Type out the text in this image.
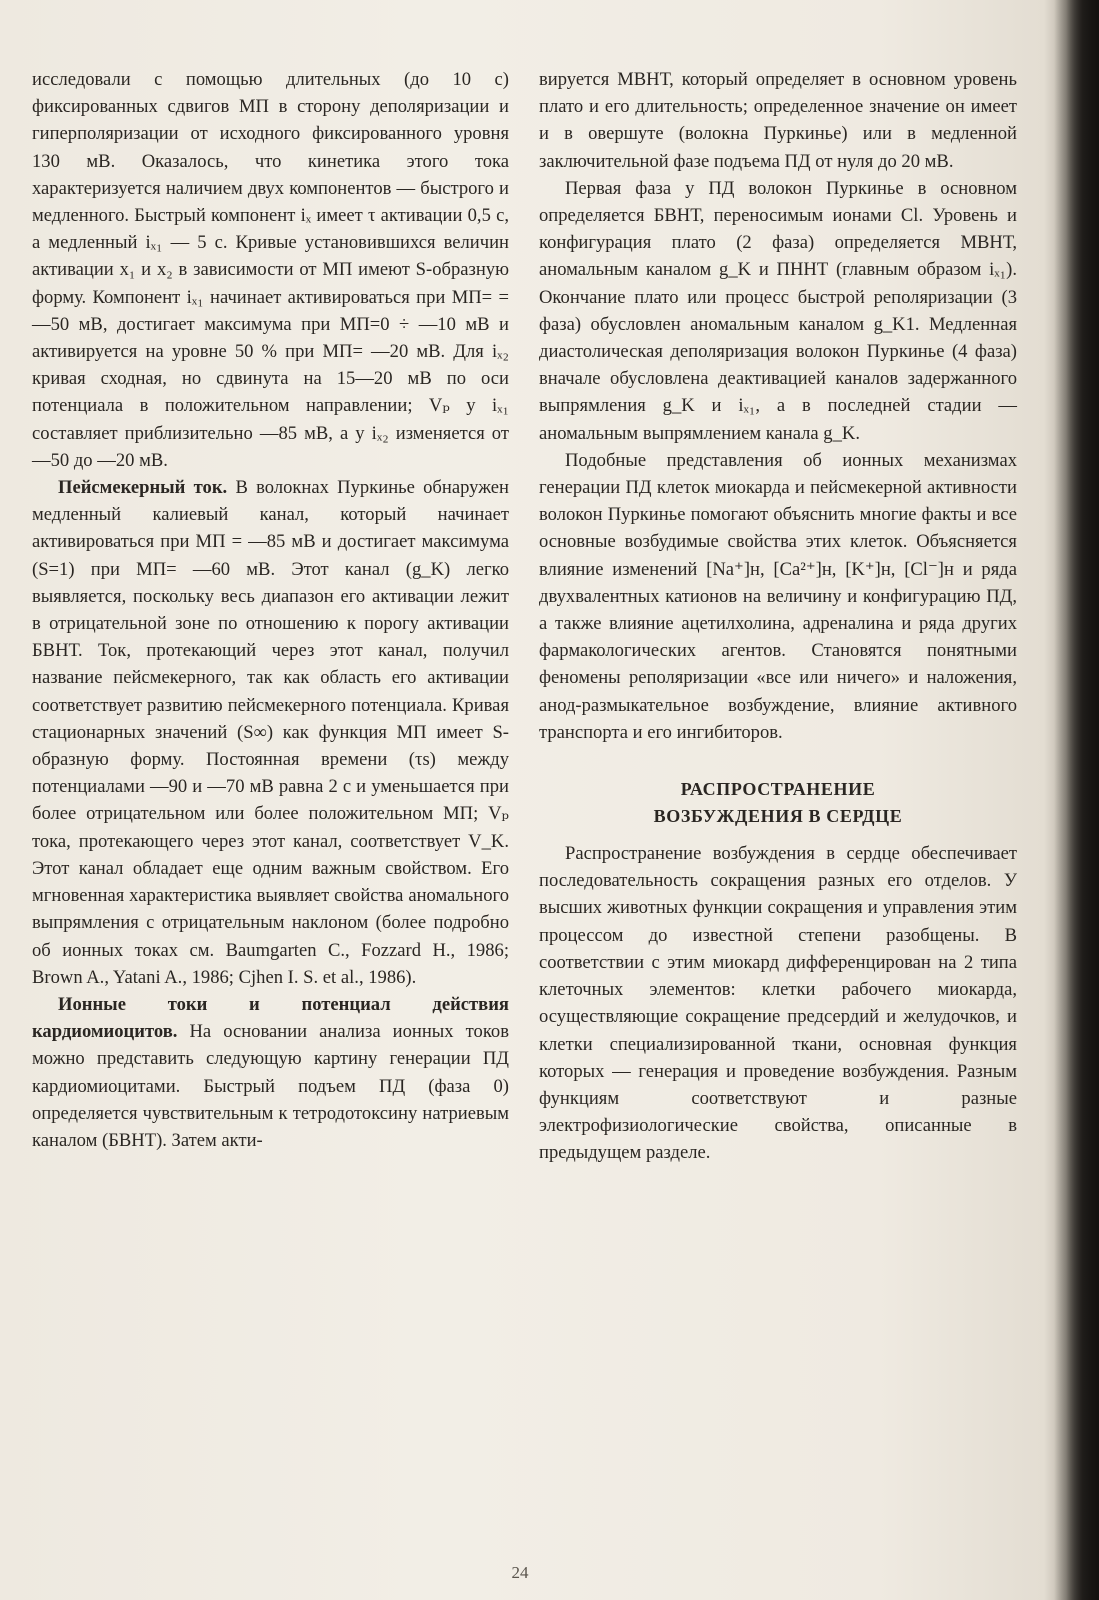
исследовали с помощью длительных (до 10 с) фиксированных сдвигов МП в сторону деполяризации и гиперполяризации от исходного фиксированного уровня 130 мВ. Оказалось, что кинетика этого тока характеризуется наличием двух компонентов — быстрого и медленного. Быстрый компонент iₓ имеет τ активации 0,5 с, а медленный iₓ₁ — 5 с. Кривые установившихся величин активации x₁ и x₂ в зависимости от МП имеют S-образную форму. Компонент iₓ₁ начинает активироваться при МП= = —50 мВ, достигает максимума при МП=0 ÷ —10 мВ и активируется на уровне 50 % при МП= —20 мВ. Для iₓ₂ кривая сходная, но сдвинута на 15—20 мВ по оси потенциала в положительном направлении; Vₚ у iₓ₁ составляет приблизительно —85 мВ, а у iₓ₂ изменяется от —50 до —20 мВ.

Пейсмекерный ток. В волокнах Пуркинье обнаружен медленный калиевый канал, который начинает активироваться при МП = —85 мВ и достигает максимума (S=1) при МП= —60 мВ. Этот канал (g_K) легко выявляется, поскольку весь диапазон его активации лежит в отрицательной зоне по отношению к порогу активации БВНТ. Ток, протекающий через этот канал, получил название пейсмекерного, так как область его активации соответствует развитию пейсмекерного потенциала. Кривая стационарных значений (S∞) как функция МП имеет S-образную форму. Постоянная времени (τs) между потенциалами —90 и —70 мВ равна 2 с и уменьшается при более отрицательном или более положительном МП; Vₚ тока, протекающего через этот канал, соответствует V_K. Этот канал обладает еще одним важным свойством. Его мгновенная характеристика выявляет свойства аномального выпрямления с отрицательным наклоном (более подробно об ионных токах см. Baumgarten C., Fozzard H., 1986; Brown A., Yatani A., 1986; Cjhen I. S. et al., 1986).

Ионные токи и потенциал действия кардиомиоцитов. На основании анализа ионных токов можно представить следующую картину генерации ПД кардиомиоцитами. Быстрый подъем ПД (фаза 0) определяется чувствительным к тетродотоксину натриевым каналом (БВНТ). Затем акти-

вируется МВНТ, который определяет в основном уровень плато и его длительность; определенное значение он имеет и в овершуте (волокна Пуркинье) или в медленной заключительной фазе подъема ПД от нуля до 20 мВ.

Первая фаза у ПД волокон Пуркинье в основном определяется БВНТ, переносимым ионами Cl. Уровень и конфигурация плато (2 фаза) определяется МВНТ, аномальным каналом g_K и ПННТ (главным образом iₓ₁). Окончание плато или процесс быстрой реполяризации (3 фаза) обусловлен аномальным каналом g_K1. Медленная диастолическая деполяризация волокон Пуркинье (4 фаза) вначале обусловлена деактивацией каналов задержанного выпрямления g_K и iₓ₁, а в последней стадии — аномальным выпрямлением канала g_K.

Подобные представления об ионных механизмах генерации ПД клеток миокарда и пейсмекерной активности волокон Пуркинье помогают объяснить многие факты и все основные возбудимые свойства этих клеток. Объясняется влияние изменений [Na⁺]н, [Ca²⁺]н, [K⁺]н, [Cl⁻]н и ряда двухвалентных катионов на величину и конфигурацию ПД, а также влияние ацетилхолина, адреналина и ряда других фармакологических агентов. Становятся понятными феномены реполяризации «все или ничего» и наложения, анод-размыкательное возбуждение, влияние активного транспорта и его ингибиторов.

РАСПРОСТРАНЕНИЕ
ВОЗБУЖДЕНИЯ В СЕРДЦЕ

Распространение возбуждения в сердце обеспечивает последовательность сокращения разных его отделов. У высших животных функции сокращения и управления этим процессом до известной степени разобщены. В соответствии с этим миокард дифференцирован на 2 типа клеточных элементов: клетки рабочего миокарда, осуществляющие сокращение предсердий и желудочков, и клетки специализированной ткани, основная функция которых — генерация и проведение возбуждения. Разным функциям соответствуют и разные электрофизиологические свойства, описанные в предыдущем разделе.

24
